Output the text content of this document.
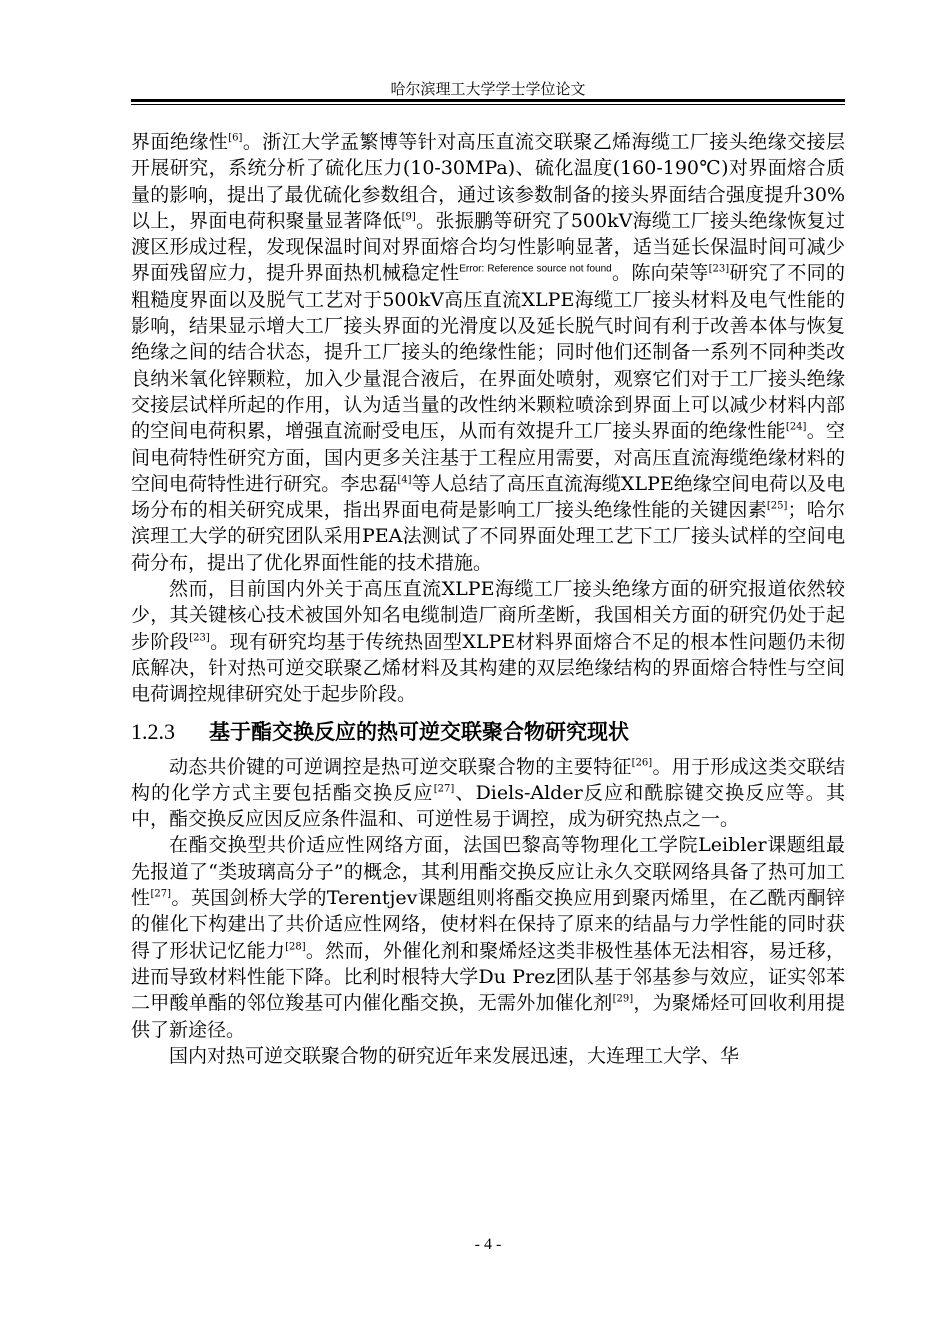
哈尔滨理工大学学士学位论文

界面绝缘性[6]。浙江大学孟繁博等针对高压直流交联聚乙烯海缆工厂接头绝缘交接层开展研究，系统分析了硫化压力(10-30MPa)、硫化温度(160-190℃)对界面熔合质量的影响，提出了最优硫化参数组合，通过该参数制备的接头界面结合强度提升30%以上，界面电荷积聚量显著降低[9]。张振鹏等研究了500kV海缆工厂接头绝缘恢复过渡区形成过程，发现保温时间对界面熔合均匀性影响显著，适当延长保温时间可减少界面残留应力，提升界面热机械稳定性$^{Error: Reference source not found}$。陈向荣等[23]研究了不同的粗糙度界面以及脱气工艺对于500kV高压直流XLPE海缆工厂接头材料及电气性能的影响，结果显示增大工厂接头界面的光滑度以及延长脱气时间有利于改善本体与恢复绝缘之间的结合状态，提升工厂接头的绝缘性能；同时他们还制备一系列不同种类改良纳米氧化锌颗粒，加入少量混合液后，在界面处喷射，观察它们对于工厂接头绝缘交接层试样所起的作用，认为适当量的改性纳米颗粒喷涂到界面上可以减少材料内部的空间电荷积累，增强直流耐受电压，从而有效提升工厂接头界面的绝缘性能[24]。空间电荷特性研究方面，国内更多关注基于工程应用需要，对高压直流海缆绝缘材料的空间电荷特性进行研究。李忠磊[4]等人总结了高压直流海缆XLPE绝缘空间电荷以及电场分布的相关研究成果，指出界面电荷是影响工厂接头绝缘性能的关键因素[25]；哈尔滨理工大学的研究团队采用PEA法测试了不同界面处理工艺下工厂接头试样的空间电荷分布，提出了优化界面性能的技术措施。

然而，目前国内外关于高压直流XLPE海缆工厂接头绝缘方面的研究报道依然较少，其关键核心技术被国外知名电缆制造厂商所垄断，我国相关方面的研究仍处于起步阶段[23]。现有研究均基于传统热固型XLPE材料界面熔合不足的根本性问题仍未彻底解决，针对热可逆交联聚乙烯材料及其构建的双层绝缘结构的界面熔合特性与空间电荷调控规律研究处于起步阶段。

1.2.3 基于酯交换反应的热可逆交联聚合物研究现状

动态共价键的可逆调控是热可逆交联聚合物的主要特征[26]。用于形成这类交联结构的化学方式主要包括酯交换反应[27]、Diels-Alder反应和酰腙键交换反应等。其中，酯交换反应因反应条件温和、可逆性易于调控，成为研究热点之一。

在酯交换型共价适应性网络方面，法国巴黎高等物理化工学院Leibler课题组最先报道了“类玻璃高分子”的概念，其利用酯交换反应让永久交联网络具备了热可加工性[27]。英国剑桥大学的Terentjev课题组则将酯交换应用到聚丙烯里，在乙酰丙酮锌的催化下构建出了共价适应性网络，使材料在保持了原来的结晶与力学性能的同时获得了形状记忆能力[28]。然而，外催化剂和聚烯烃这类非极性基体无法相容，易迁移，进而导致材料性能下降。比利时根特大学Du Prez团队基于邻基参与效应，证实邻苯二甲酸单酯的邻位羧基可内催化酯交换，无需外加催化剂[29]，为聚烯烃可回收利用提供了新途径。

国内对热可逆交联聚合物的研究近年来发展迅速，大连理工大学、华

- 4 -
